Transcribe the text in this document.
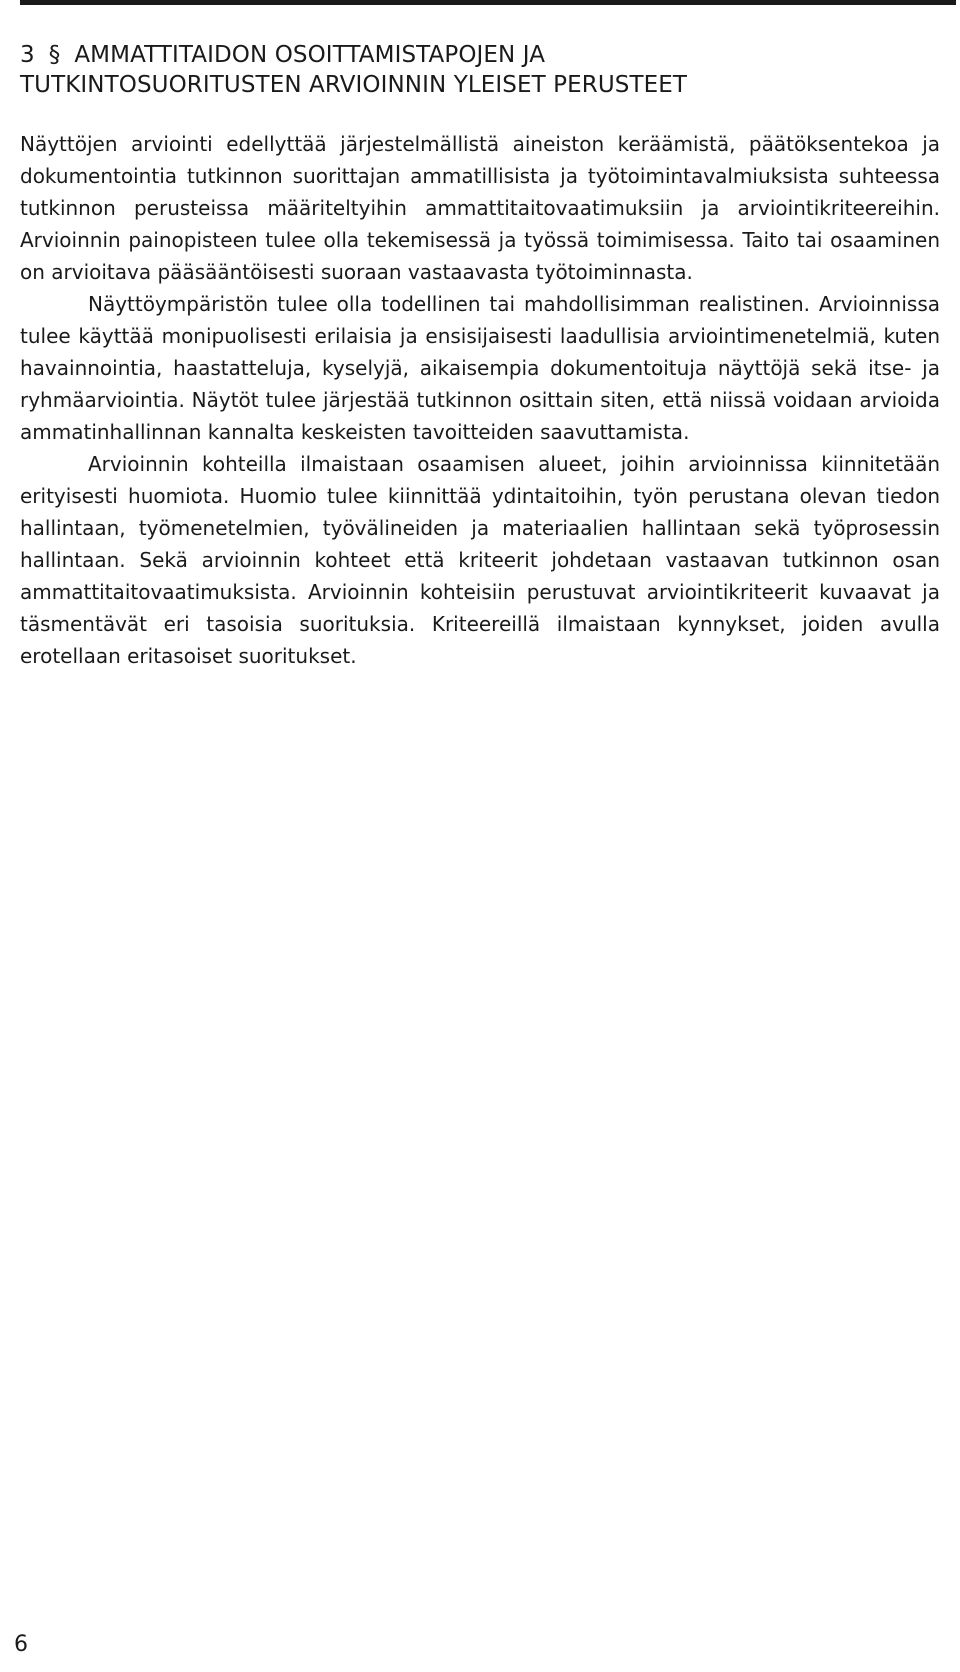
3 § AMMATTITAIDON OSOITTAMISTAPOJEN JA
TUTKINTOSUORITUSTEN ARVIOINNIN YLEISET PERUSTEET

Näyttöjen arviointi edellyttää järjestelmällistä aineiston keräämistä, päätöksentekoa ja dokumentointia tutkinnon suorittajan ammatillisista ja työtoimintavalmiuksista suhteessa tutkinnon perusteissa määriteltyihin ammattitaitovaatimuksiin ja arviointikriteereihin. Arvioinnin painopisteen tulee olla tekemisessä ja työssä toimimisessa. Taito tai osaaminen on arvioitava pääsääntöisesti suoraan vastaavasta työtoiminnasta.

Näyttöympäristön tulee olla todellinen tai mahdollisimman realistinen. Arvioinnissa tulee käyttää monipuolisesti erilaisia ja ensisijaisesti laadullisia arviointimenetelmiä, kuten havainnointia, haastatteluja, kyselyjä, aikaisempia dokumentoituja näyttöjä sekä itse- ja ryhmäarviointia. Näytöt tulee järjestää tutkinnon osittain siten, että niissä voidaan arvioida ammatinhallinnan kannalta keskeisten tavoitteiden saavuttamista.

Arvioinnin kohteilla ilmaistaan osaamisen alueet, joihin arvioinnissa kiinnitetään erityisesti huomiota. Huomio tulee kiinnittää ydintaitoihin, työn perustana olevan tiedon hallintaan, työmenetelmien, työvälineiden ja materiaalien hallintaan sekä työprosessin hallintaan. Sekä arvioinnin kohteet että kriteerit johdetaan vastaavan tutkinnon osan ammattitaitovaatimuksista. Arvioinnin kohteisiin perustuvat arviointikriteerit kuvaavat ja täsmentävät eri tasoisia suorituksia. Kriteereillä ilmaistaan kynnykset, joiden avulla erotellaan eritasoiset suoritukset.

6
